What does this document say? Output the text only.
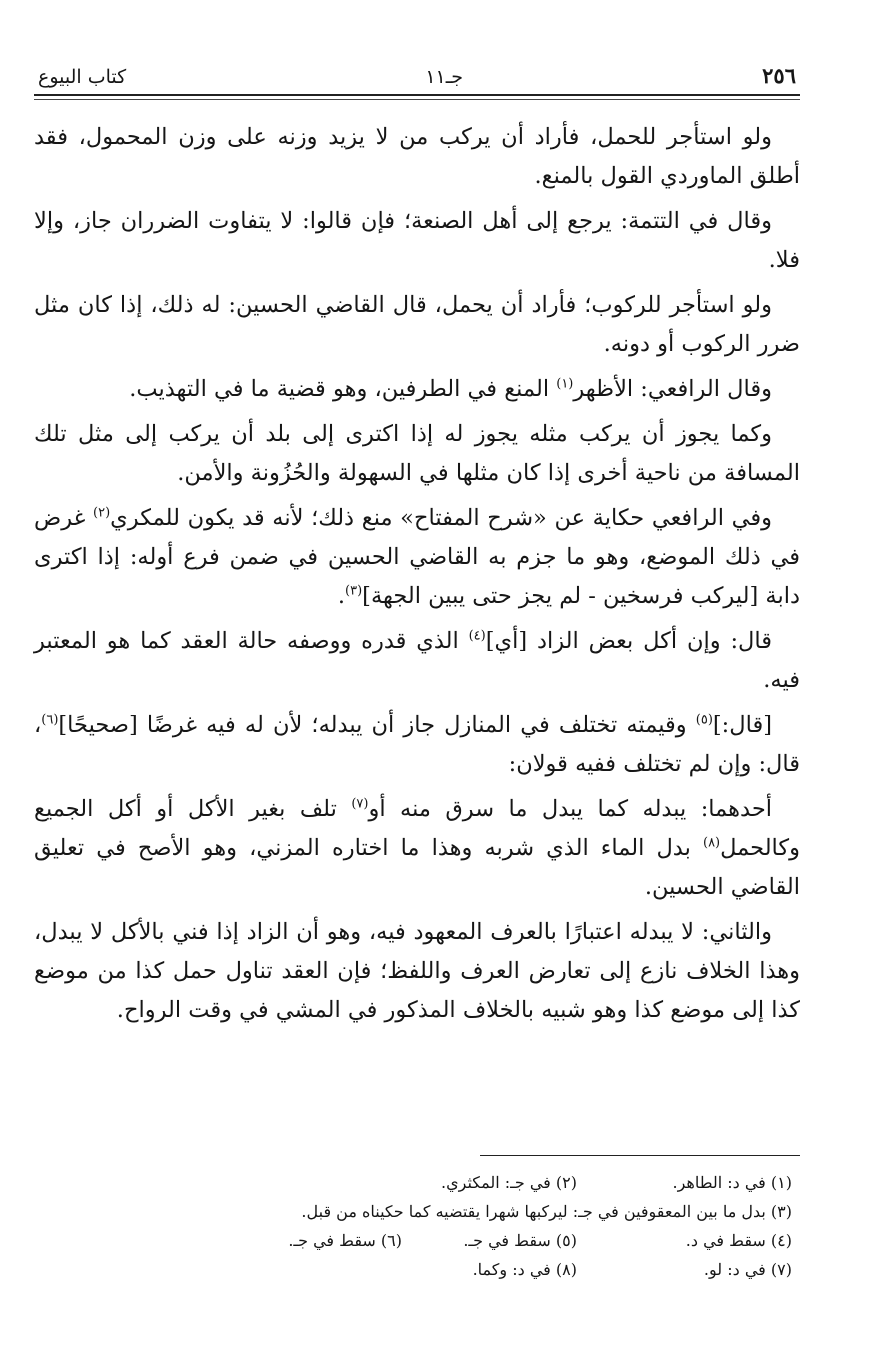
٢٥٦
جـ١١
كتاب البيوع

ولو استأجر للحمل، فأراد أن يركب من لا يزيد وزنه على وزن المحمول، فقد أطلق الماوردي القول بالمنع.

وقال في التتمة: يرجع إلى أهل الصنعة؛ فإن قالوا: لا يتفاوت الضرران جاز، وإلا فلا.

ولو استأجر للركوب؛ فأراد أن يحمل، قال القاضي الحسين: له ذلك، إذا كان مثل ضرر الركوب أو دونه.

وقال الرافعي: الأظهر$^{(١)}$ المنع في الطرفين، وهو قضية ما في التهذيب.

وكما يجوز أن يركب مثله يجوز له إذا اكترى إلى بلد أن يركب إلى مثل تلك المسافة من ناحية أخرى إذا كان مثلها في السهولة والحُزُونة والأمن.

وفي الرافعي حكاية عن «شرح المفتاح» منع ذلك؛ لأنه قد يكون للمكري$^{(٢)}$ غرض في ذلك الموضع، وهو ما جزم به القاضي الحسين في ضمن فرع أوله: إذا اكترى دابة [ليركب فرسخين - لم يجز حتى يبين الجهة]$^{(٣)}$.

قال: وإن أكل بعض الزاد [أي]$^{(٤)}$ الذي قدره ووصفه حالة العقد كما هو المعتبر فيه.

[قال:]$^{(٥)}$ وقيمته تختلف في المنازل جاز أن يبدله؛ لأن له فيه غرضًا [صحيحًا]$^{(٦)}$، قال: وإن لم تختلف ففيه قولان:

أحدهما: يبدله كما يبدل ما سرق منه أو$^{(٧)}$ تلف بغير الأكل أو أكل الجميع وكالحمل$^{(٨)}$ بدل الماء الذي شربه وهذا ما اختاره المزني، وهو الأصح في تعليق القاضي الحسين.

والثاني: لا يبدله اعتبارًا بالعرف المعهود فيه، وهو أن الزاد إذا فني بالأكل لا يبدل، وهذا الخلاف نازع إلى تعارض العرف واللفظ؛ فإن العقد تناول حمل كذا من موضع كذا إلى موضع كذا وهو شبيه بالخلاف المذكور في المشي في وقت الرواح.

(١) في د: الطاهر.
(٢) في جـ: المكثري.
(٣) بدل ما بين المعقوفين في جـ: ليركبها شهرا يقتضيه كما حكيناه من قبل.
(٤) سقط في د.
(٥) سقط في جـ.
(٦) سقط في جـ.
(٧) في د: لو.
(٨) في د: وكما.
